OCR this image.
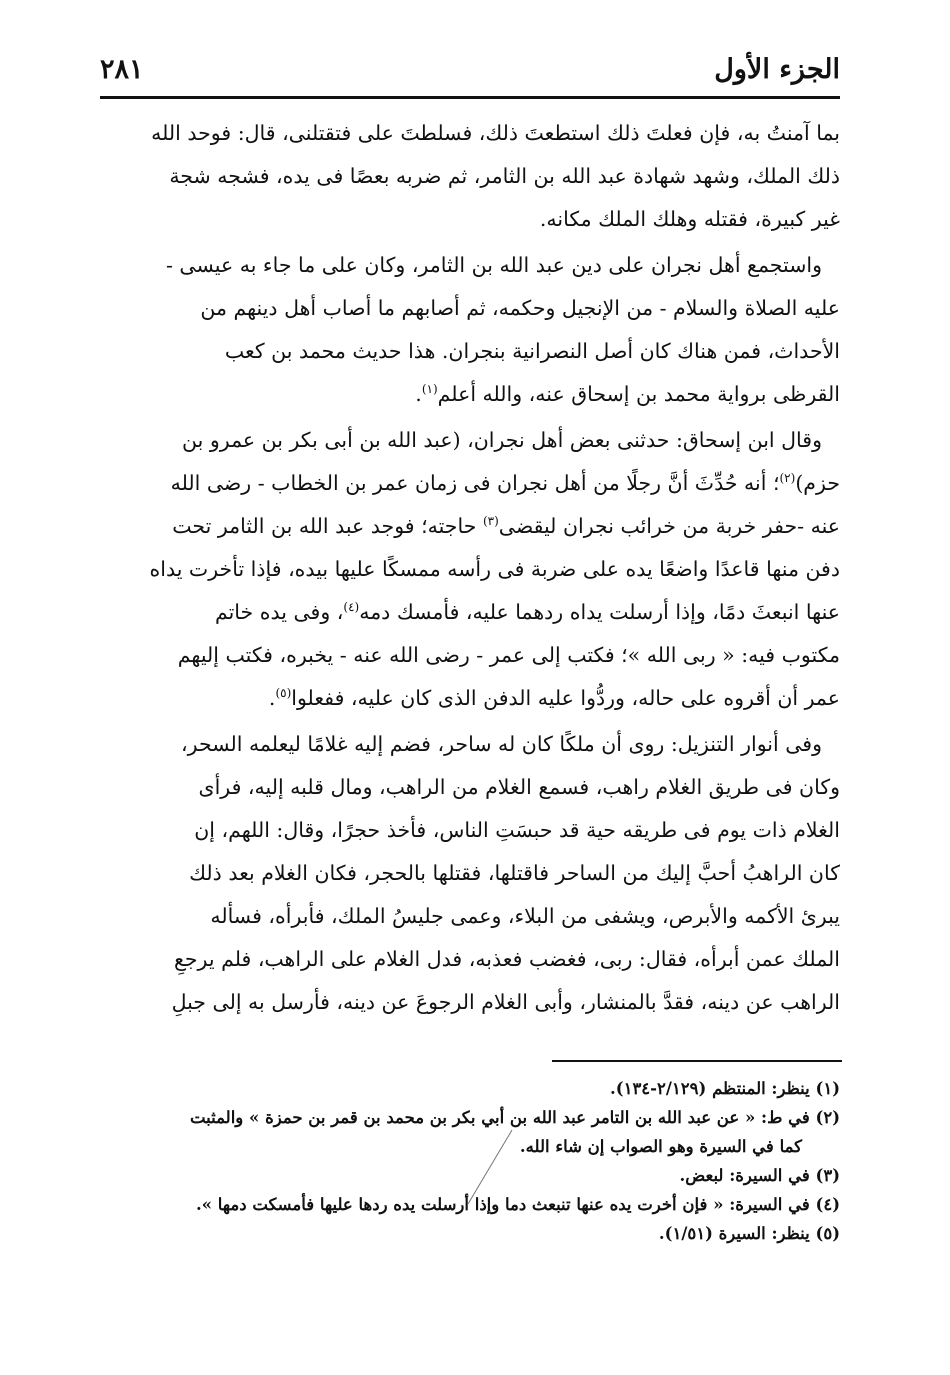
الجزء الأول
٢٨١
بما آمنتُ به، فإن فعلتَ ذلك استطعتَ ذلك، فسلطتَ على فتقتلنى، قال: فوحد الله
ذلك الملك، وشهد شهادة عبد الله بن الثامر، ثم ضربه بعصًا فى يده، فشجه شجة
غير كبيرة، فقتله وهلك الملك مكانه.
واستجمع أهل نجران على دين عبد الله بن الثامر، وكان على ما جاء به عيسى -
عليه الصلاة والسلام - من الإنجيل وحكمه، ثم أصابهم ما أصاب أهل دينهم من
الأحداث، فمن هناك كان أصل النصرانية بنجران. هذا حديث محمد بن كعب
القرظى برواية محمد بن إسحاق عنه، والله أعلم$^{(١)}$.
وقال ابن إسحاق: حدثنى بعض أهل نجران، (عبد الله بن أبى بكر بن عمرو بن
حزم)$^{(٢)}$؛ أنه حُدِّثَ أنَّ رجلًا من أهل نجران فى زمان عمر بن الخطاب - رضى الله
عنه -حفر خربة من خرائب نجران ليقضى$^{(٣)}$ حاجته؛ فوجد عبد الله بن الثامر تحت
دفن منها قاعدًا واضعًا يده على ضربة فى رأسه ممسكًا عليها بيده، فإذا تأخرت يداه
عنها انبعثَ دمًا، وإذا أرسلت يداه ردهما عليه، فأمسك دمه$^{(٤)}$، وفى يده خاتم
مكتوب فيه: « ربى الله »؛ فكتب إلى عمر - رضى الله عنه - يخبره، فكتب إليهم
عمر أن أقروه على حاله، وردُّوا عليه الدفن الذى كان عليه، ففعلوا$^{(٥)}$.
وفى أنوار التنزيل: روى أن ملكًا كان له ساحر، فضم إليه غلامًا ليعلمه السحر،
وكان فى طريق الغلام راهب، فسمع الغلام من الراهب، ومال قلبه إليه، فرأى
الغلام ذات يوم فى طريقه حية قد حبسَتِ الناس، فأخذ حجرًا، وقال: اللهم، إن
كان الراهبُ أحبَّ إليك من الساحر فاقتلها، فقتلها بالحجر، فكان الغلام بعد ذلك
يبرئ الأكمه والأبرص، ويشفى من البلاء، وعمى جليسُ الملك، فأبرأه، فسأله
الملك عمن أبرأه، فقال: ربى، فغضب فعذبه، فدل الغلام على الراهب، فلم يرجعِ
الراهب عن دينه، فقدَّ بالمنشار، وأبى الغلام الرجوعَ عن دينه، فأرسل به إلى جبلِ
(١) ينظر: المنتظم (٢/١٢٩-١٣٤).
(٢) في ط: « عن عبد الله بن التامر عبد الله بن أبي بكر بن محمد بن قمر بن حمزة » والمثبت
كما في السيرة وهو الصواب إن شاء الله.
(٣) في السيرة: لبعض.
(٤) في السيرة: « فإن أخرت يده عنها تنبعث دما وإذا أرسلت يده ردها عليها فأمسكت دمها ».
(٥) ينظر: السيرة (١/٥١).
